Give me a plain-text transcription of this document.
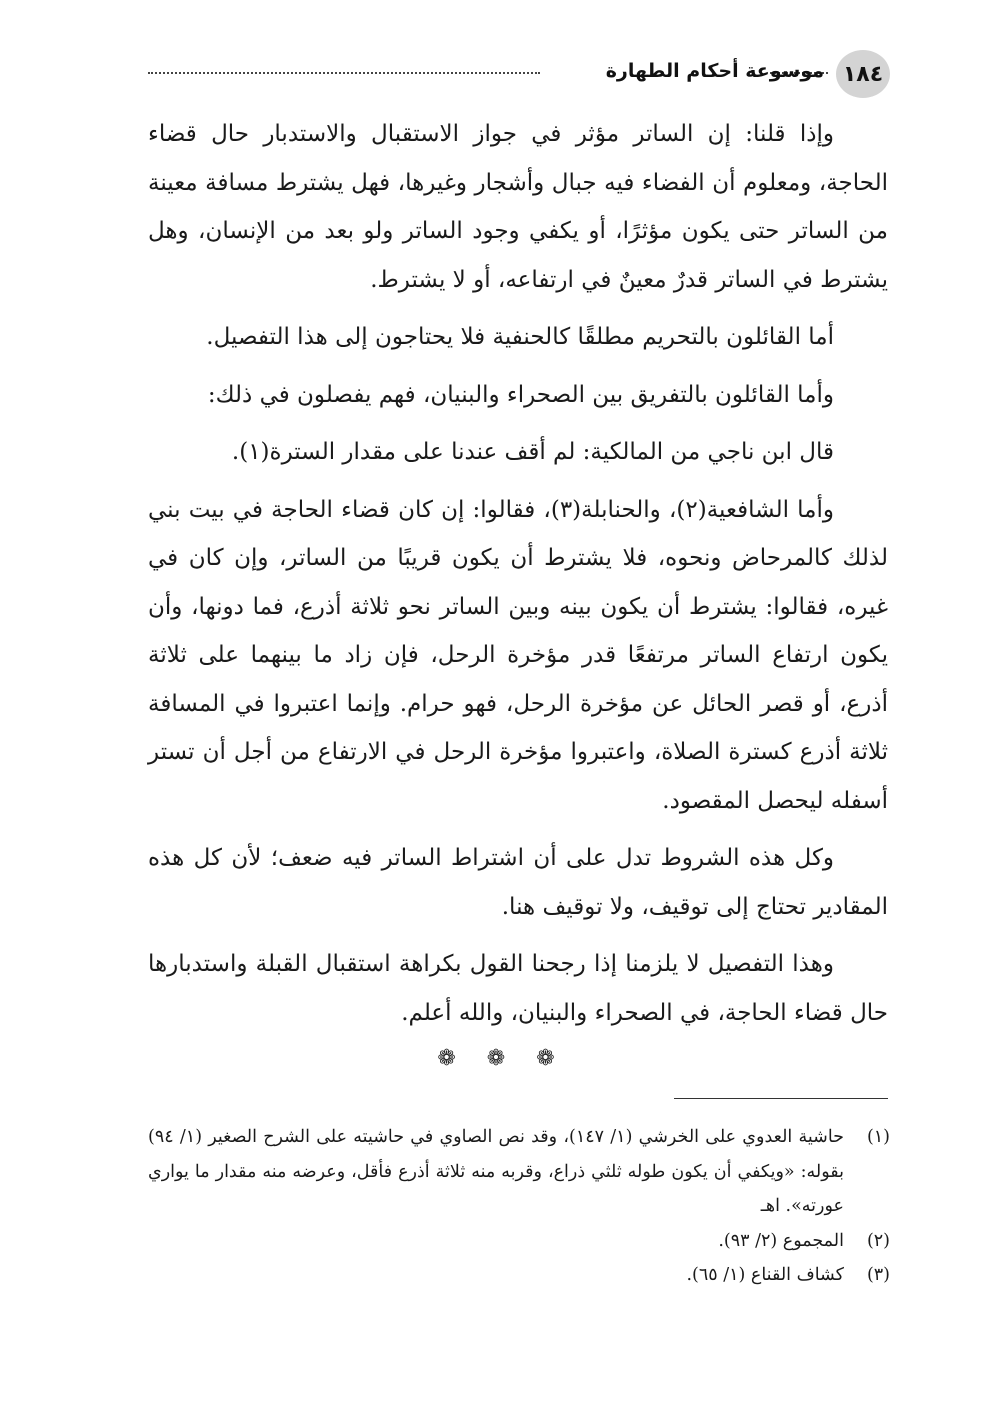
١٨٤
موسوعة أحكام الطهارة

وإذا قلنا: إن الساتر مؤثر في جواز الاستقبال والاستدبار حال قضاء الحاجة، ومعلوم أن الفضاء فيه جبال وأشجار وغيرها، فهل يشترط مسافة معينة من الساتر حتى يكون مؤثرًا، أو يكفي وجود الساتر ولو بعد من الإنسان، وهل يشترط في الساتر قدرٌ معينٌ في ارتفاعه، أو لا يشترط.

أما القائلون بالتحريم مطلقًا كالحنفية فلا يحتاجون إلى هذا التفصيل.

وأما القائلون بالتفريق بين الصحراء والبنيان، فهم يفصلون في ذلك:

قال ابن ناجي من المالكية: لم أقف عندنا على مقدار السترة(١).

وأما الشافعية(٢)، والحنابلة(٣)، فقالوا: إن كان قضاء الحاجة في بيت بني لذلك كالمرحاض ونحوه، فلا يشترط أن يكون قريبًا من الساتر، وإن كان في غيره، فقالوا: يشترط أن يكون بينه وبين الساتر نحو ثلاثة أذرع، فما دونها، وأن يكون ارتفاع الساتر مرتفعًا قدر مؤخرة الرحل، فإن زاد ما بينهما على ثلاثة أذرع، أو قصر الحائل عن مؤخرة الرحل، فهو حرام. وإنما اعتبروا في المسافة ثلاثة أذرع كسترة الصلاة، واعتبروا مؤخرة الرحل في الارتفاع من أجل أن تستر أسفله ليحصل المقصود.

وكل هذه الشروط تدل على أن اشتراط الساتر فيه ضعف؛ لأن كل هذه المقادير تحتاج إلى توقيف، ولا توقيف هنا.

وهذا التفصيل لا يلزمنا إذا رجحنا القول بكراهة استقبال القبلة واستدبارها حال قضاء الحاجة، في الصحراء والبنيان، والله أعلم.

❁ ❁ ❁
(١)
حاشية العدوي على الخرشي (١/ ١٤٧)، وقد نص الصاوي في حاشيته على الشرح الصغير (١/ ٩٤) بقوله: «ويكفي أن يكون طوله ثلثي ذراع، وقربه منه ثلاثة أذرع فأقل، وعرضه منه مقدار ما يواري عورته». اهـ
(٢)
المجموع (٢/ ٩٣).
(٣)
كشاف القناع (١/ ٦٥).
